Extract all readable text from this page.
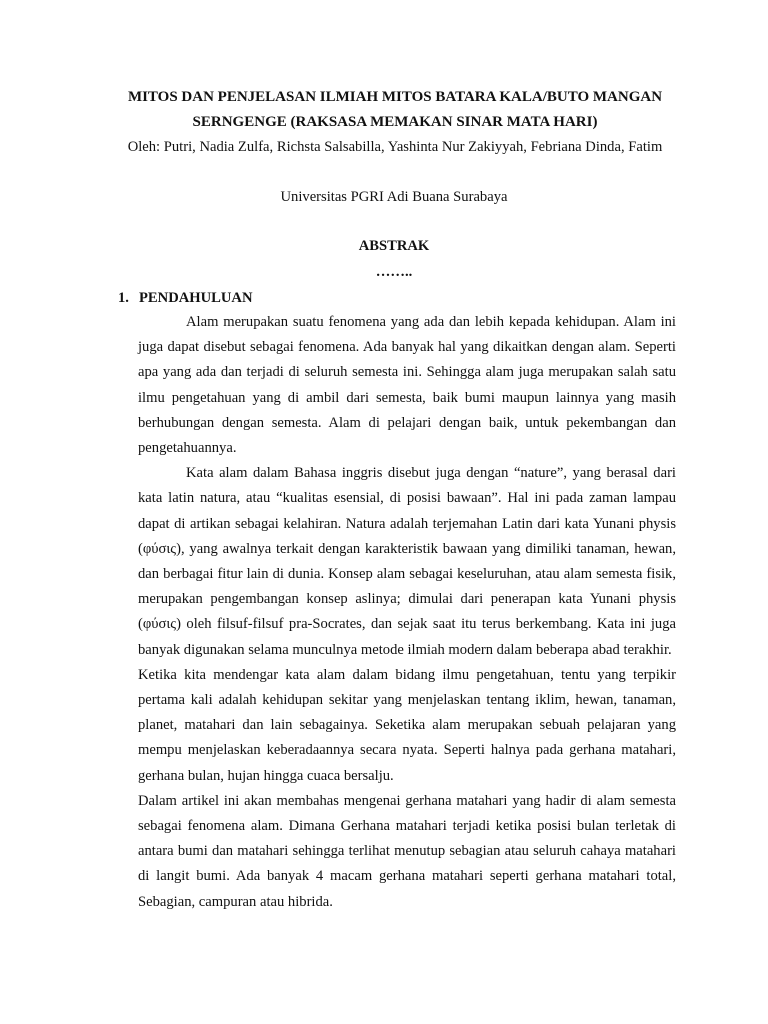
MITOS DAN PENJELASAN ILMIAH MITOS BATARA KALA/BUTO MANGAN SERNGENGE (RAKSASA MEMAKAN SINAR MATA HARI)
Oleh: Putri, Nadia Zulfa, Richsta Salsabilla, Yashinta Nur Zakiyyah, Febriana Dinda, Fatim
Universitas PGRI Adi Buana Surabaya
ABSTRAK
……..
1. PENDAHULUAN

Alam merupakan suatu fenomena yang ada dan lebih kepada kehidupan. Alam ini juga dapat disebut sebagai fenomena. Ada banyak hal yang dikaitkan dengan alam. Seperti apa yang ada dan terjadi di seluruh semesta ini. Sehingga alam juga merupakan salah satu ilmu pengetahuan yang di ambil dari semesta, baik bumi maupun lainnya yang masih berhubungan dengan semesta. Alam di pelajari dengan baik, untuk pekembangan dan pengetahuannya.

Kata alam dalam Bahasa inggris disebut juga dengan “nature”, yang berasal dari kata latin natura, atau “kualitas esensial, di posisi bawaan”. Hal ini pada zaman lampau dapat di artikan sebagai kelahiran. Natura adalah terjemahan Latin dari kata Yunani physis (φύσις), yang awalnya terkait dengan karakteristik bawaan yang dimiliki tanaman, hewan, dan berbagai fitur lain di dunia. Konsep alam sebagai keseluruhan, atau alam semesta fisik, merupakan pengembangan konsep aslinya; dimulai dari penerapan kata Yunani physis (φύσις) oleh filsuf-filsuf pra-Socrates, dan sejak saat itu terus berkembang. Kata ini juga banyak digunakan selama munculnya metode ilmiah modern dalam beberapa abad terakhir.

Ketika kita mendengar kata alam dalam bidang ilmu pengetahuan, tentu yang terpikir pertama kali adalah kehidupan sekitar yang menjelaskan tentang iklim, hewan, tanaman, planet, matahari dan lain sebagainya. Seketika alam merupakan sebuah pelajaran yang mempu menjelaskan keberadaannya secara nyata. Seperti halnya pada gerhana matahari, gerhana bulan, hujan hingga cuaca bersalju.

Dalam artikel ini akan membahas mengenai gerhana matahari yang hadir di alam semesta sebagai fenomena alam. Dimana Gerhana matahari terjadi ketika posisi bulan terletak di antara bumi dan matahari sehingga terlihat menutup sebagian atau seluruh cahaya matahari di langit bumi. Ada banyak 4 macam gerhana matahari seperti gerhana matahari total, Sebagian, campuran atau hibrida.
